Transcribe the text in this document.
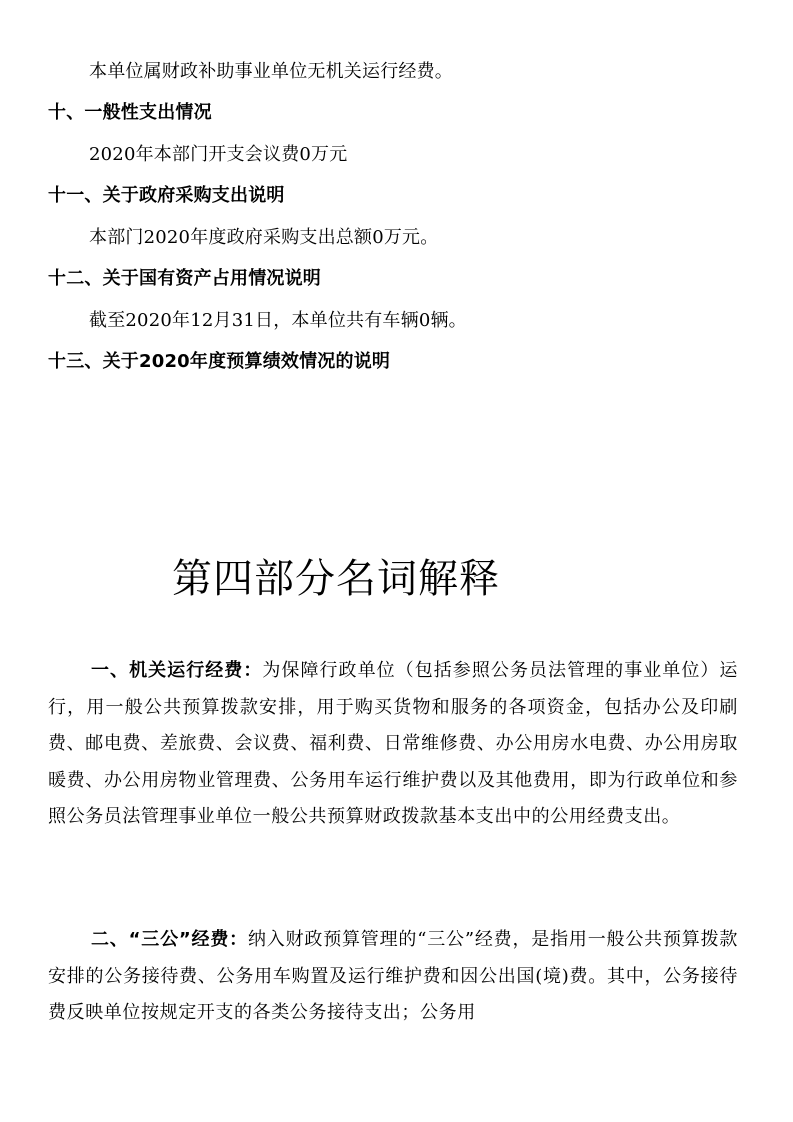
本单位属财政补助事业单位无机关运行经费。
十、一般性支出情况
2020年本部门开支会议费0万元
十一、关于政府采购支出说明
本部门2020年度政府采购支出总额0万元。
十二、关于国有资产占用情况说明
截至2020年12月31日，本单位共有车辆0辆。
十三、关于2020年度预算绩效情况的说明
第四部分名词解释

一、机关运行经费：为保障行政单位（包括参照公务员法管理的事业单位）运行，用一般公共预算拨款安排，用于购买货物和服务的各项资金，包括办公及印刷费、邮电费、差旅费、会议费、福利费、日常维修费、办公用房水电费、办公用房取暖费、办公用房物业管理费、公务用车运行维护费以及其他费用，即为行政单位和参照公务员法管理事业单位一般公共预算财政拨款基本支出中的公用经费支出。

二、“三公”经费：纳入财政预算管理的“三公”经费，是指用一般公共预算拨款安排的公务接待费、公务用车购置及运行维护费和因公出国(境)费。其中，公务接待费反映单位按规定开支的各类公务接待支出；公务用
